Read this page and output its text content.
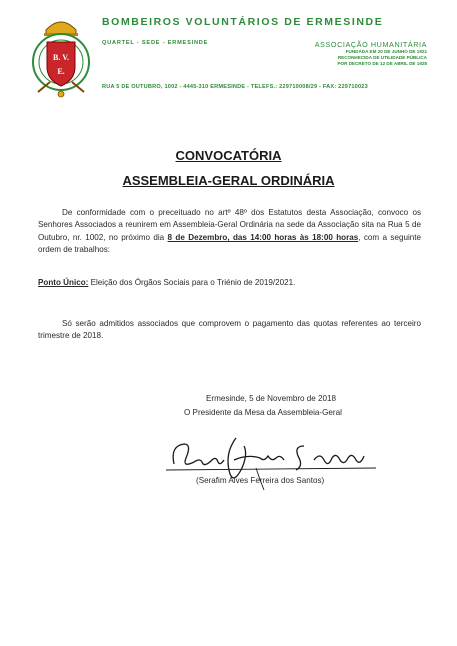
B. V.
E.
BOMBEIROS VOLUNTÁRIOS DE ERMESINDE
QUARTEL - SEDE - ERMESINDE	ASSOCIAÇÃO HUMANITÁRIA
FUNDADA EM 20 DE JUNHO DE 1921
RECONHECIDA DE UTILIDADE PÚBLICA
POR DECRETO DE 12 DE ABRIL DE 1928
RUA 5 DE OUTUBRO, 1002 - 4445-310 ERMESINDE - TELEFS.: 229710008/29 - FAX: 229710023
CONVOCATÓRIA
ASSEMBLEIA-GERAL ORDINÁRIA
De conformidade com o preceituado no artº 48º dos Estatutos desta Associação, convoco os Senhores Associados a reunirem em Assembleia-Geral Ordinária na sede da Associação sita na Rua 5 de Outubro, nr. 1002, no próximo dia 8 de Dezembro, das 14:00 horas às 18:00 horas, com a seguinte ordem de trabalhos:
Ponto Único: Eleição dos Órgãos Sociais para o Triénio de 2019/2021.
Só serão admitidos associados que comprovem o pagamento das quotas referentes ao terceiro trimestre de 2018.
Ermesinde, 5 de Novembro de 2018
O Presidente da Mesa da Assembleia-Geral
(Serafim Alves Ferreira dos Santos)
